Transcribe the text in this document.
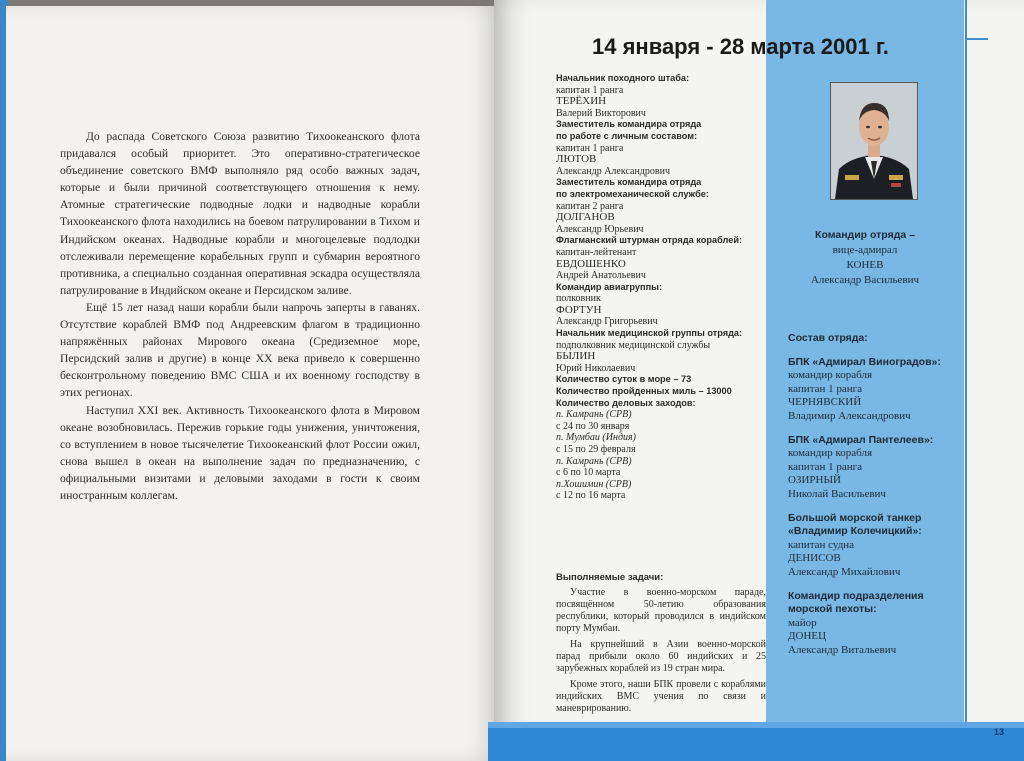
До распада Советского Союза развитию Тихоокеанского флота придавался особый приоритет. Это оперативно-стратегическое объединение советского ВМФ выполняло ряд особо важных задач, которые и были причиной соответствующего отношения к нему. Атомные стратегические подводные лодки и надводные корабли Тихоокеанского флота находились на боевом патрулировании в Тихом и Индийском океанах. Надводные корабли и многоцелевые подлодки отслеживали перемещение корабельных групп и субмарин вероятного противника, а специально созданная оперативная эскадра осуществляла патрулирование в Индийском океане и Персидском заливе.

Ещё 15 лет назад наши корабли были напрочь заперты в гаванях. Отсутствие кораблей ВМФ под Андреевским флагом в традиционно напряжённых районах Мирового океана (Средиземное море, Персидский залив и другие) в конце XX века привело к совершенно бесконтрольному поведению ВМС США и их военному господству в этих регионах.

Наступил XXI век. Активность Тихоокеанского флота в Мировом океане возобновилась. Пережив горькие годы унижения, уничтожения, со вступлением в новое тысячелетие Тихоокеанский флот России ожил, снова вышел в океан на выполнение задач по предназначению, с официальными визитами и деловыми заходами в гости к своим иностранным коллегам.

14 января - 28 марта 2001 г.
Начальник походного штаба:
капитан 1 ранга
ТЕРЁХИН
Валерий Викторович
Заместитель командира отряда
по работе с личным составом:
капитан 1 ранга
ЛЮТОВ
Александр Александрович
Заместитель командира отряда
по электромеханической службе:
капитан 2 ранга
ДОЛГАНОВ
Александр Юрьевич
Флагманский штурман отряда кораблей:
капитан-лейтенант
ЕВДОШЕНКО
Андрей Анатольевич
Командир авиагруппы:
полковник
ФОРТУН
Александр Григорьевич
Начальник медицинской группы отряда:
подполковник медицинской службы
БЫЛИН
Юрий Николаевич
Количество суток в море – 73
Количество пройденных миль – 13000
Количество деловых заходов:
п. Камрань (СРВ)
с 24 по 30 января
п. Мумбаи (Индия)
с 15 по 29 февраля
п. Камрань (СРВ)
с 6 по 10 марта
п.Хошимин (СРВ)
с 12 по 16 марта
Выполняемые задачи:

Участие в военно-морском параде, посвящённом 50-летию образования республики, который проводился в индийском порту Мумбаи.

На крупнейший в Азии военно-морской парад прибыли около 60 индийских и 25 зарубежных кораблей из 19 стран мира.

Кроме этого, наши БПК провели с кораблями индийских ВМС учения по связи и маневрированию.

Командир отряда –
вице-адмирал
КОНЕВ
Александр Васильевич
Состав отряда:
БПК «Адмирал Виноградов»:
командир корабля
капитан 1 ранга
ЧЕРНЯВСКИЙ
Владимир Александрович
БПК «Адмирал Пантелеев»:
командир корабля
капитан 1 ранга
ОЗИРНЫЙ
Николай Васильевич
Большой морской танкер
«Владимир Колечицкий»:
капитан судна
ДЕНИСОВ
Александр Михайлович
Командир подразделения
морской пехоты:
майор
ДОНЕЦ
Александр Витальевич
13
